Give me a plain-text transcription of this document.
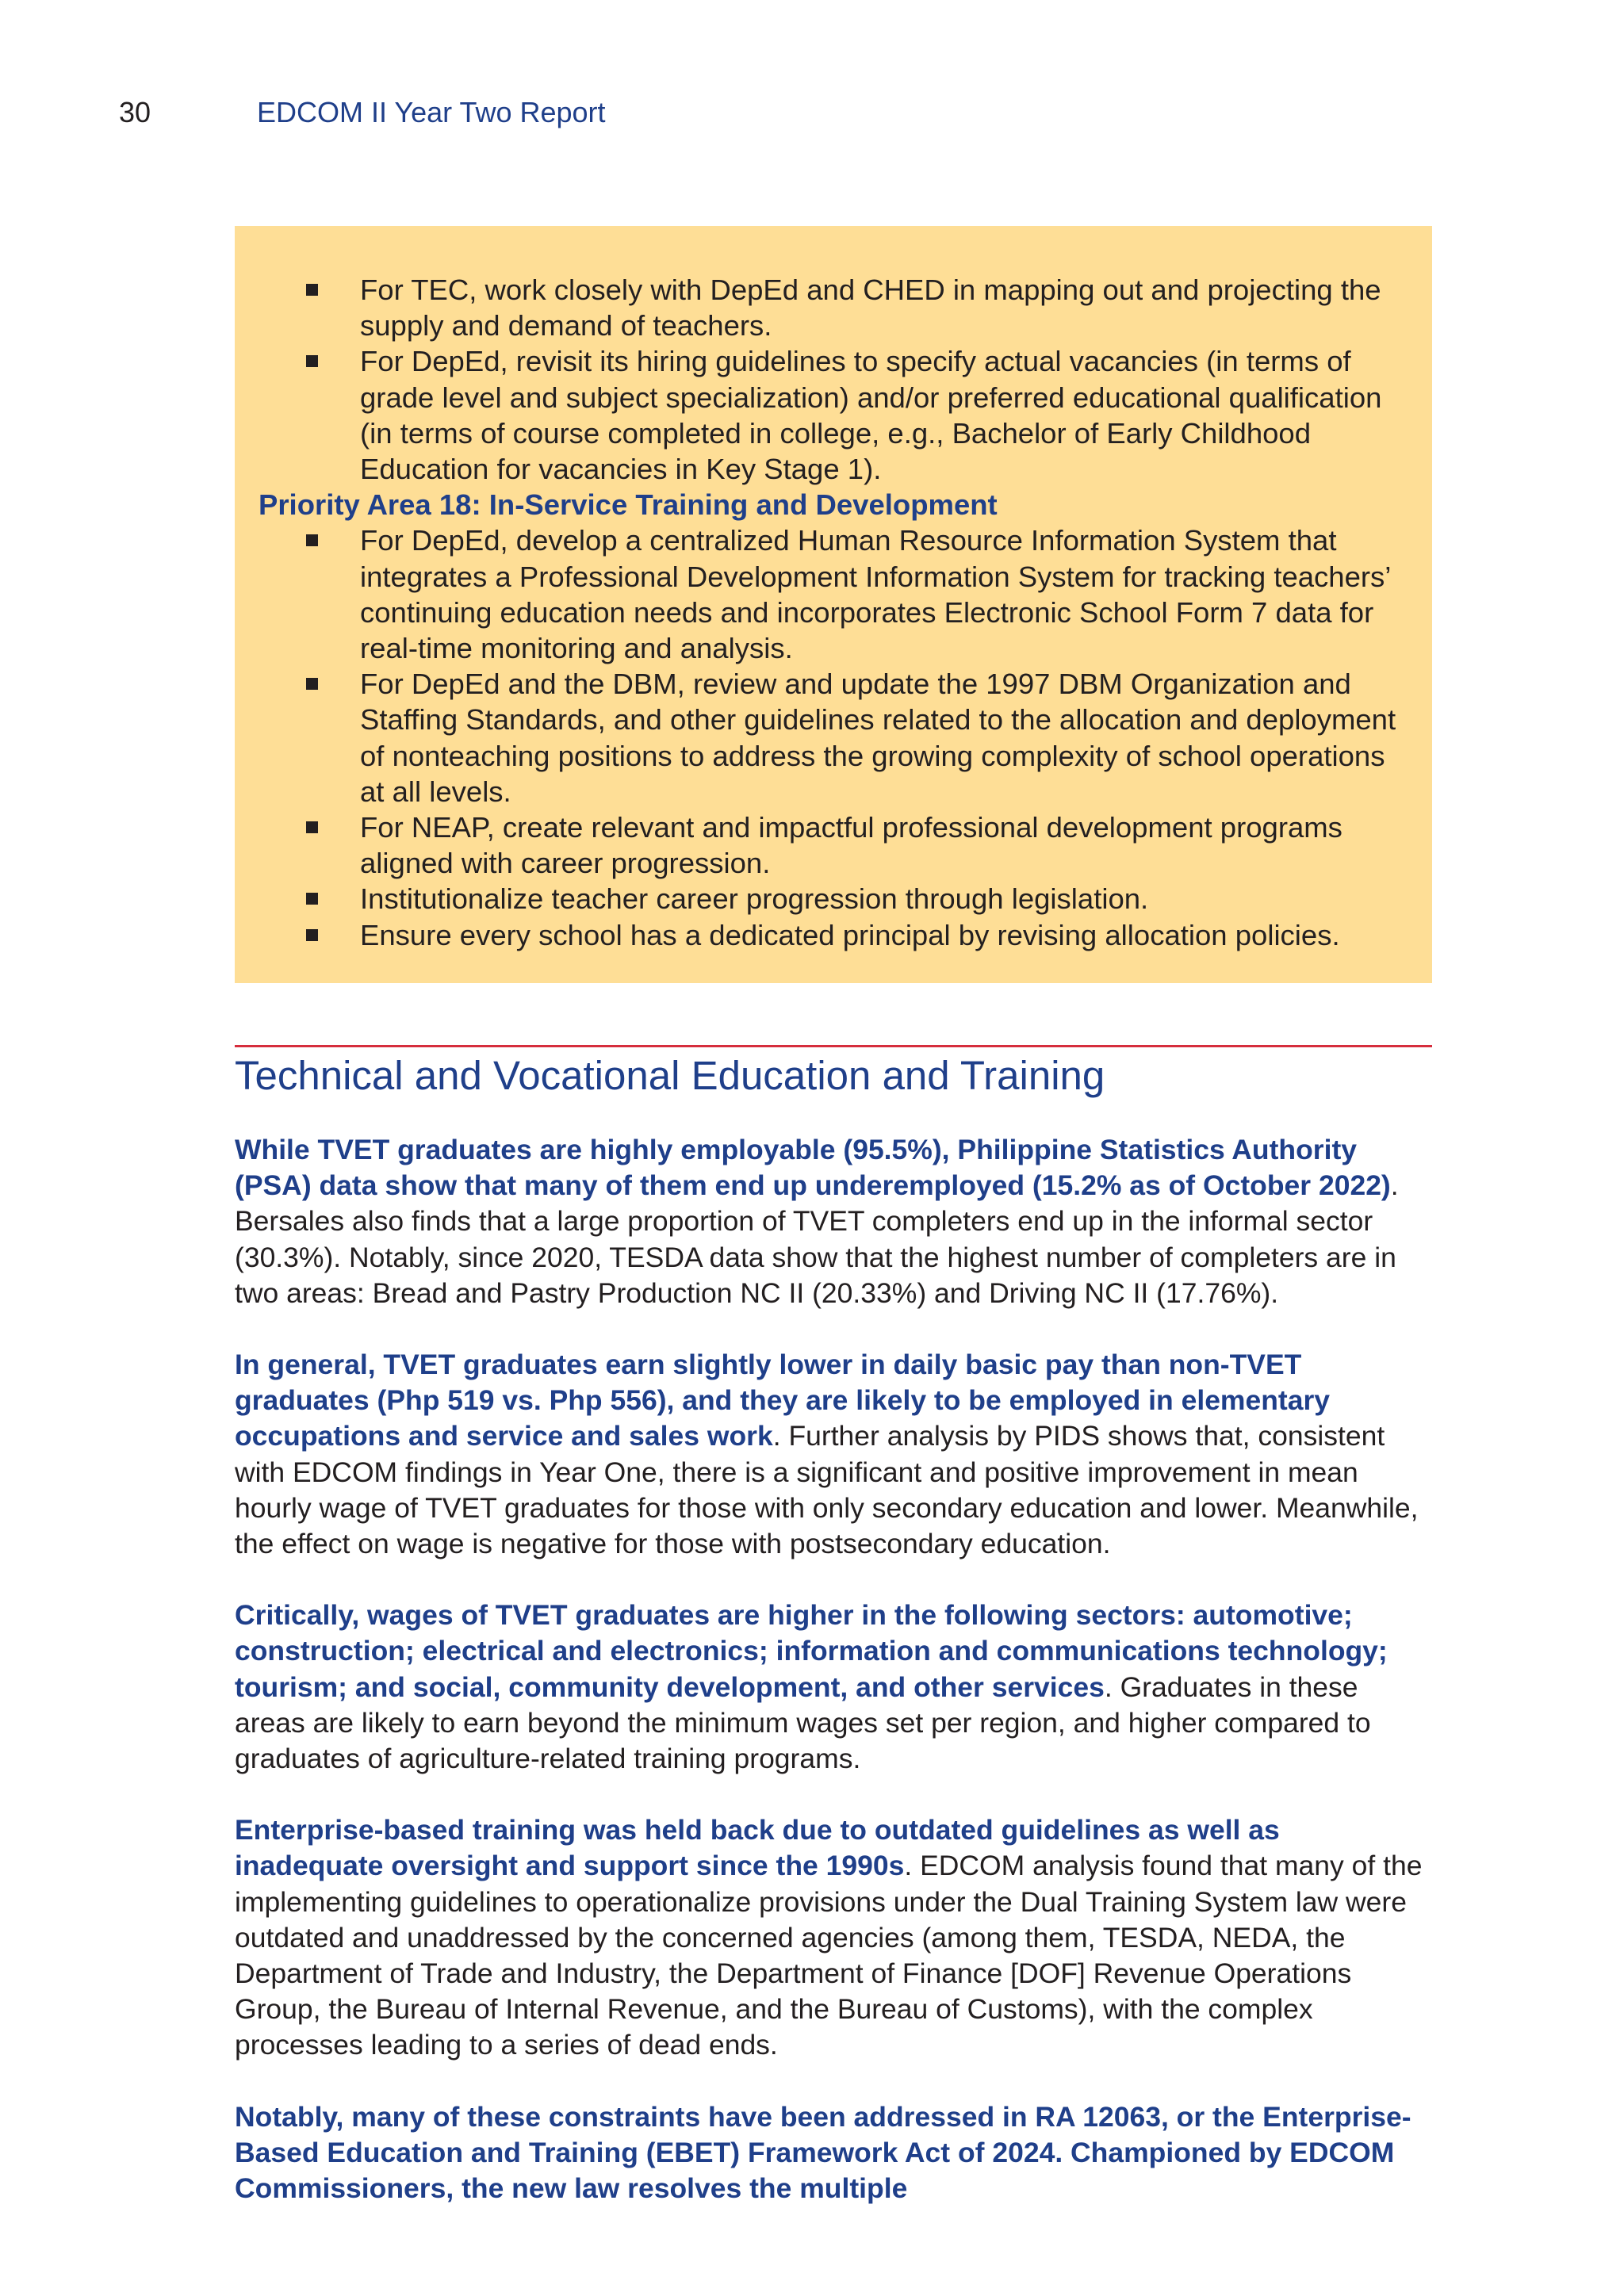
30	EDCOM II Year Two Report
For TEC, work closely with DepEd and CHED in mapping out and projecting the supply and demand of teachers.
For DepEd, revisit its hiring guidelines to specify actual vacancies (in terms of grade level and subject specialization) and/or preferred educational qualification (in terms of course completed in college, e.g., Bachelor of Early Childhood Education for vacancies in Key Stage 1).
Priority Area 18: In-Service Training and Development
For DepEd, develop a centralized Human Resource Information System that integrates a Professional Development Information System for tracking teachers’ continuing education needs and incorporates Electronic School Form 7 data for real-time monitoring and analysis.
For DepEd and the DBM, review and update the 1997 DBM Organization and Staffing Standards, and other guidelines related to the allocation and deployment of nonteaching positions to address the growing complexity of school operations at all levels.
For NEAP, create relevant and impactful professional development programs aligned with career progression.
Institutionalize teacher career progression through legislation.
Ensure every school has a dedicated principal by revising allocation policies.
Technical and Vocational Education and Training

While TVET graduates are highly employable (95.5%), Philippine Statistics Authority (PSA) data show that many of them end up underemployed (15.2% as of October 2022). Bersales also finds that a large proportion of TVET completers end up in the informal sector (30.3%). Notably, since 2020, TESDA data show that the highest number of completers are in two areas: Bread and Pastry Production NC II (20.33%) and Driving NC II (17.76%).

In general, TVET graduates earn slightly lower in daily basic pay than non-TVET graduates (Php 519 vs. Php 556), and they are likely to be employed in elementary occupations and service and sales work. Further analysis by PIDS shows that, consistent with EDCOM findings in Year One, there is a significant and positive improvement in mean hourly wage of TVET graduates for those with only secondary education and lower. Meanwhile, the effect on wage is negative for those with postsecondary education.

Critically, wages of TVET graduates are higher in the following sectors: automotive; construction; electrical and electronics; information and communications technology; tourism; and social, community development, and other services. Graduates in these areas are likely to earn beyond the minimum wages set per region, and higher compared to graduates of agriculture-related training programs.

Enterprise-based training was held back due to outdated guidelines as well as inadequate oversight and support since the 1990s. EDCOM analysis found that many of the implementing guidelines to operationalize provisions under the Dual Training System law were outdated and unaddressed by the concerned agencies (among them, TESDA, NEDA, the Department of Trade and Industry, the Department of Finance [DOF] Revenue Operations Group, the Bureau of Internal Revenue, and the Bureau of Customs), with the complex processes leading to a series of dead ends.

Notably, many of these constraints have been addressed in RA 12063, or the Enterprise-Based Education and Training (EBET) Framework Act of 2024. Championed by EDCOM Commissioners, the new law resolves the multiple
